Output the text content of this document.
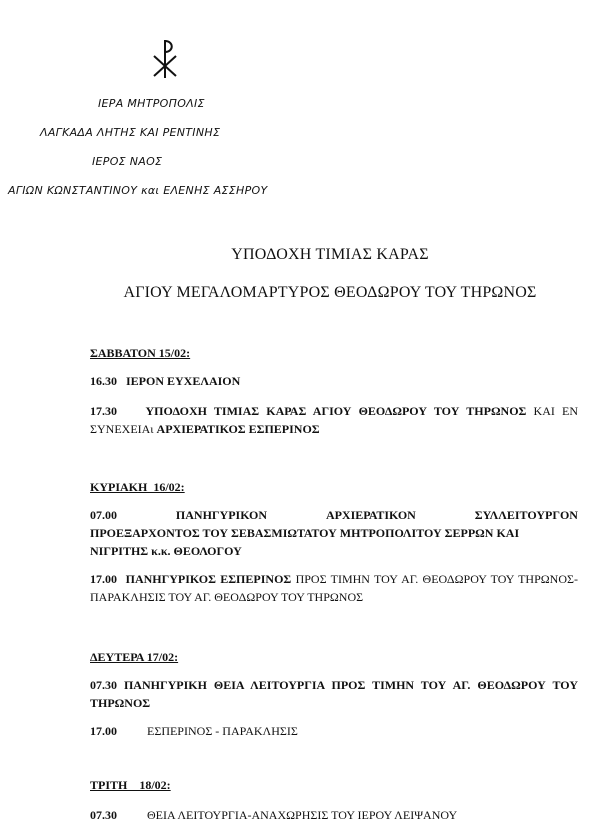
ΙΕΡΑ ΜΗΤΡΟΠΟΛΙΣ
ΛΑΓΚΑΔΑ ΛΗΤΗΣ ΚΑΙ ΡΕΝΤΙΝΗΣ
ΙΕΡΟΣ ΝΑΟΣ
ΑΓΙΩΝ ΚΩΝΣΤΑΝΤΙΝΟΥ και ΕΛΕΝΗΣ ΑΣΣΗΡΟΥ
ΥΠΟΔΟΧΗ ΤΙΜΙΑΣ ΚΑΡΑΣ
ΑΓΙΟΥ ΜΕΓΑΛΟΜΑΡΤΥΡΟΣ ΘΕΟΔΩΡΟΥ ΤΟΥ ΤΗΡΩΝΟΣ
ΣΑΒΒΑΤΟΝ 15/02:
16.30 ΙΕΡΟΝ ΕΥΧΕΛΑΙΟΝ
17.30 ΥΠΟΔΟΧΗ ΤΙΜΙΑΣ ΚΑΡΑΣ ΑΓΙΟΥ ΘΕΟΔΩΡΟΥ ΤΟΥ ΤΗΡΩΝΟΣ ΚΑΙ ΕΝ ΣΥΝΕΧΕΙΑι ΑΡΧΙΕΡΑΤΙΚΟΣ ΕΣΠΕΡΙΝΟΣ
ΚΥΡΙΑΚΗ  16/02:
07.00	ΠΑΝΗΓΥΡΙΚΟΝ	ΑΡΧΙΕΡΑΤΙΚΟΝ	ΣΥΛΛΕΙΤΟΥΡΓΟΝ
ΠΡΟΕΞΑΡΧΟΝΤΟΣ ΤΟΥ ΣΕΒΑΣΜΙΩΤΑΤΟΥ ΜΗΤΡΟΠΟΛΙΤΟΥ ΣΕΡΡΩΝ ΚΑΙ
ΝΙΓΡΙΤΗΣ κ.κ. ΘΕΟΛΟΓΟΥ
17.00 ΠΑΝΗΓΥΡΙΚΟΣ ΕΣΠΕΡΙΝΟΣ ΠΡΟΣ ΤΙΜΗΝ ΤΟΥ ΑΓ. ΘΕΟΔΩΡΟΥ ΤΟΥ ΤΗΡΩΝΟΣ- ΠΑΡΑΚΛΗΣΙΣ ΤΟΥ ΑΓ. ΘΕΟΔΩΡΟΥ ΤΟΥ ΤΗΡΩΝΟΣ
ΔΕΥΤΕΡΑ 17/02:
07.30 ΠΑΝΗΓΥΡΙΚΗ ΘΕΙΑ ΛΕΙΤΟΥΡΓΙΑ ΠΡΟΣ ΤΙΜΗΝ ΤΟΥ ΑΓ. ΘΕΟΔΩΡΟΥ ΤΟΥ ΤΗΡΩΝΟΣ
17.00	ΕΣΠΕΡΙΝΟΣ - ΠΑΡΑΚΛΗΣΙΣ
ΤΡΙΤΗ    18/02:
07.30	ΘΕΙΑ ΛΕΙΤΟΥΡΓΙΑ-ΑΝΑΧΩΡΗΣΙΣ ΤΟΥ ΙΕΡΟΥ ΛΕΙΨΑΝΟΥ
